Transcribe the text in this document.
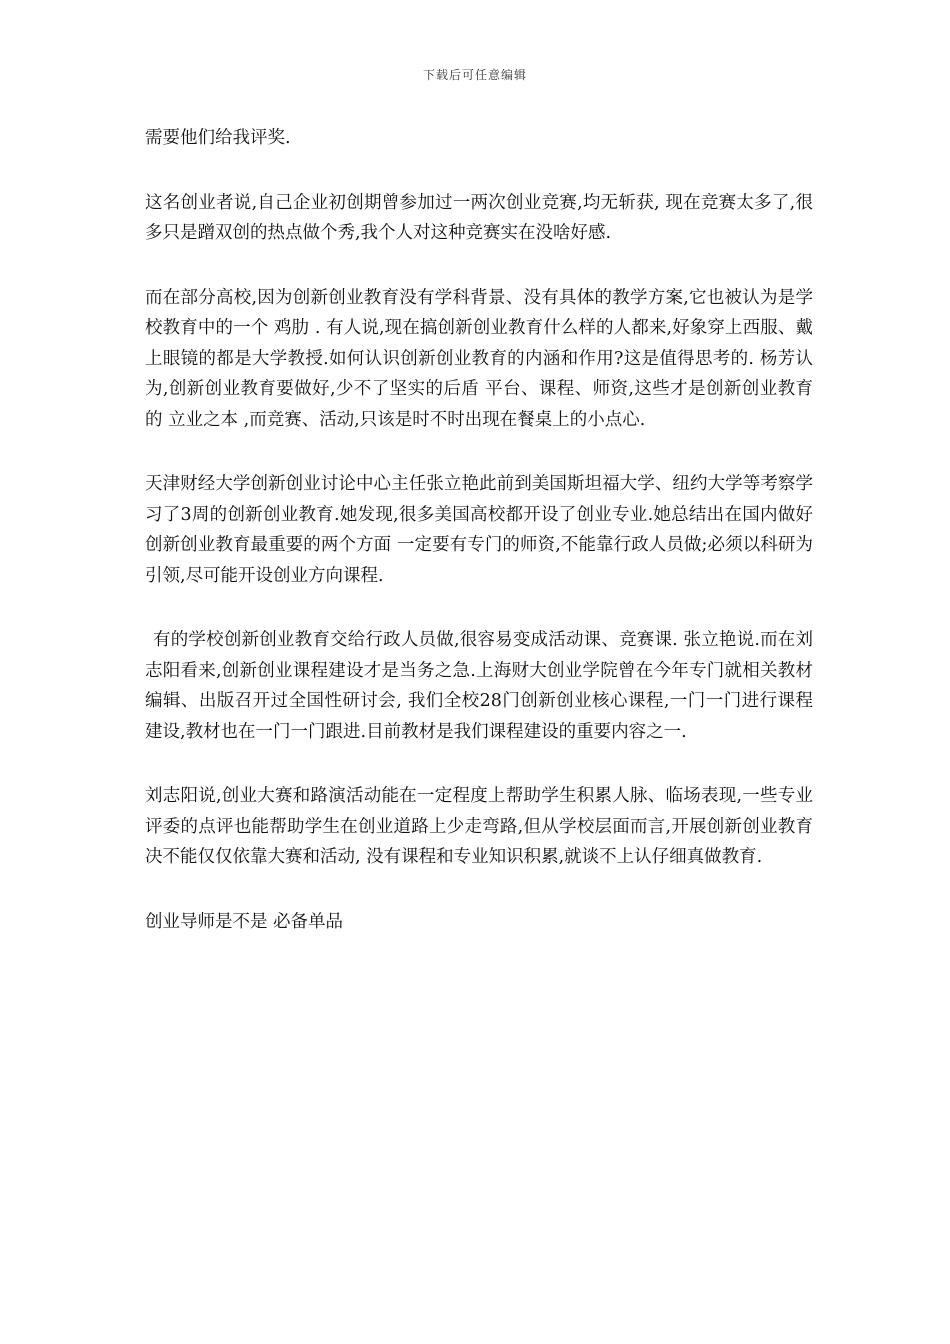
下载后可任意编辑

需要他们给我评奖.

这名创业者说,自己企业初创期曾参加过一两次创业竞赛,均无斩获, 现在竞赛太多了,很多只是蹭双创的热点做个秀,我个人对这种竞赛实在没啥好感.

而在部分高校,因为创新创业教育没有学科背景、没有具体的教学方案,它也被认为是学校教育中的一个 鸡肋 . 有人说,现在搞创新创业教育什么样的人都来,好象穿上西服、戴上眼镜的都是大学教授.如何认识创新创业教育的内涵和作用?这是值得思考的. 杨芳认为,创新创业教育要做好,少不了坚实的后盾 平台、课程、师资,这些才是创新创业教育的 立业之本 ,而竞赛、活动,只该是时不时出现在餐桌上的小点心.

天津财经大学创新创业讨论中心主任张立艳此前到美国斯坦福大学、纽约大学等考察学习了3周的创新创业教育.她发现,很多美国高校都开设了创业专业.她总结出在国内做好创新创业教育最重要的两个方面 一定要有专门的师资,不能靠行政人员做;必须以科研为引领,尽可能开设创业方向课程.

有的学校创新创业教育交给行政人员做,很容易变成活动课、竞赛课. 张立艳说.而在刘志阳看来,创新创业课程建设才是当务之急.上海财大创业学院曾在今年专门就相关教材编辑、出版召开过全国性研讨会, 我们全校28门创新创业核心课程,一门一门进行课程建设,教材也在一门一门跟进.目前教材是我们课程建设的重要内容之一.

刘志阳说,创业大赛和路演活动能在一定程度上帮助学生积累人脉、临场表现,一些专业评委的点评也能帮助学生在创业道路上少走弯路,但从学校层面而言,开展创新创业教育决不能仅仅依靠大赛和活动, 没有课程和专业知识积累,就谈不上认仔细真做教育.

创业导师是不是 必备单品
